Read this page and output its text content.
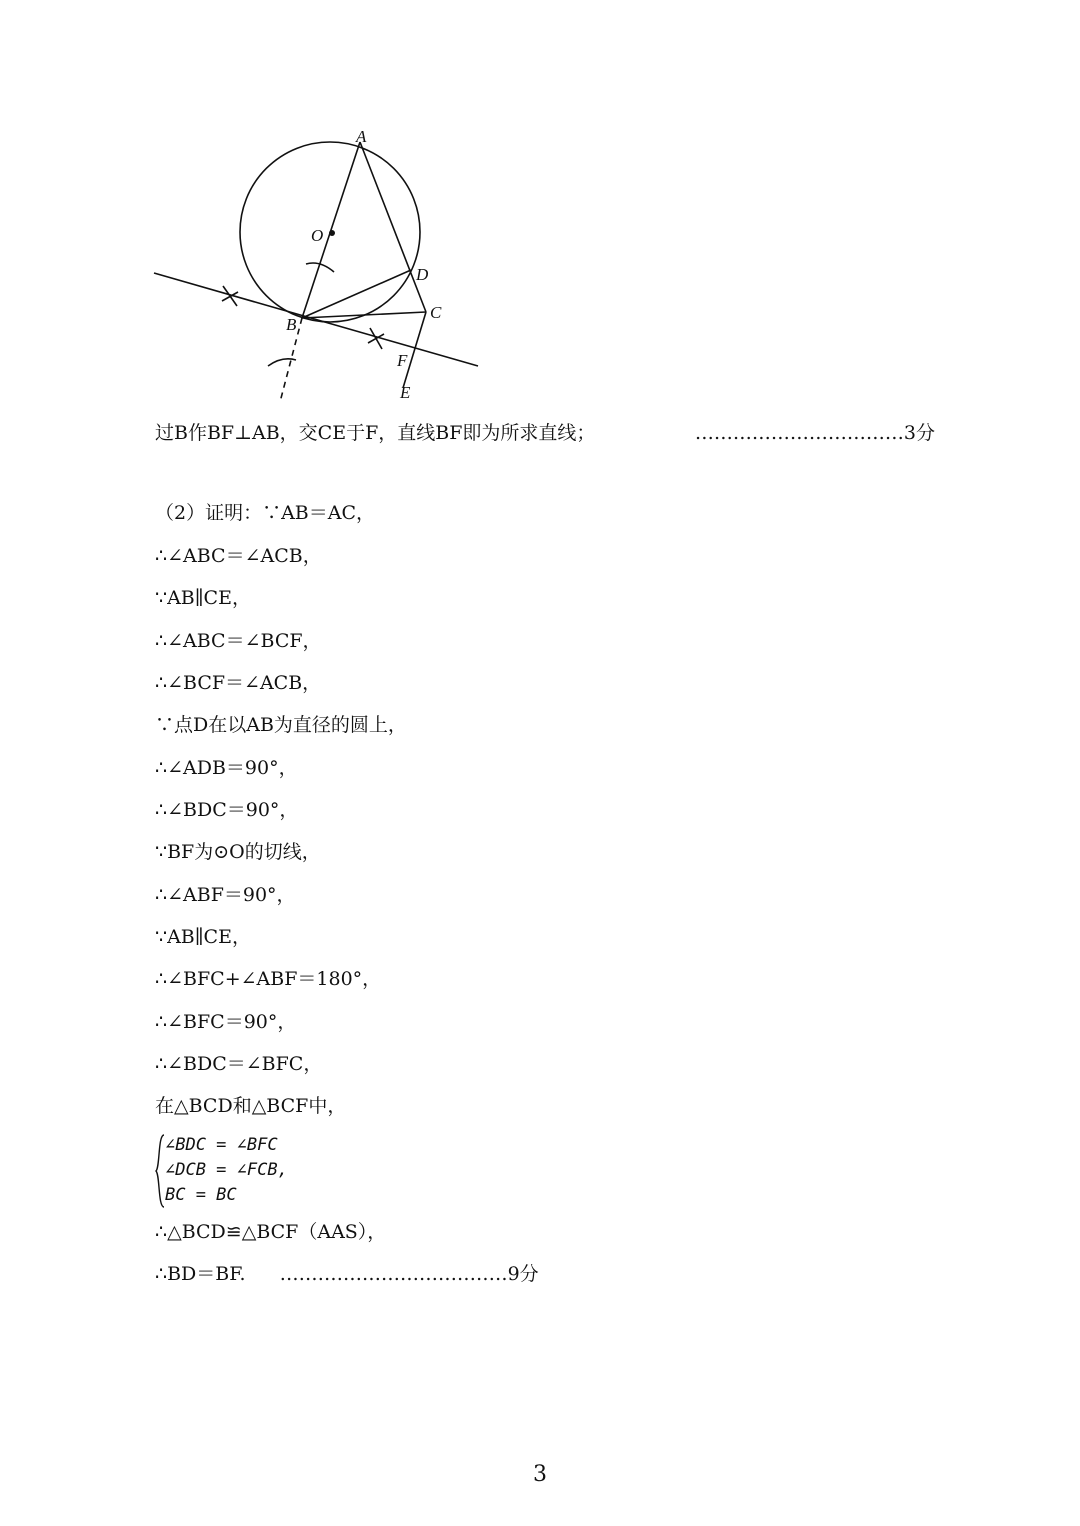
A
O
D
B
C
F
E
过B作BF⊥AB，交CE于F，直线BF即为所求直线；	……………………………3分
（2）证明：∵AB＝AC，
∴∠ABC＝∠ACB，
∵AB∥CE，
∴∠ABC＝∠BCF，
∴∠BCF＝∠ACB，
∵点D在以AB为直径的圆上，
∴∠ADB＝90°，
∴∠BDC＝90°，
∵BF为⊙O的切线，
∴∠ABF＝90°，
∵AB∥CE，
∴∠BFC+∠ABF＝180°，
∴∠BFC＝90°，
∴∠BDC＝∠BFC，
在△BCD和△BCF中，
∠BDC = ∠BFC
∠DCB = ∠FCB,
BC = BC
∴△BCD≌△BCF（AAS），
∴BD＝BF. ………………………………9分
3
